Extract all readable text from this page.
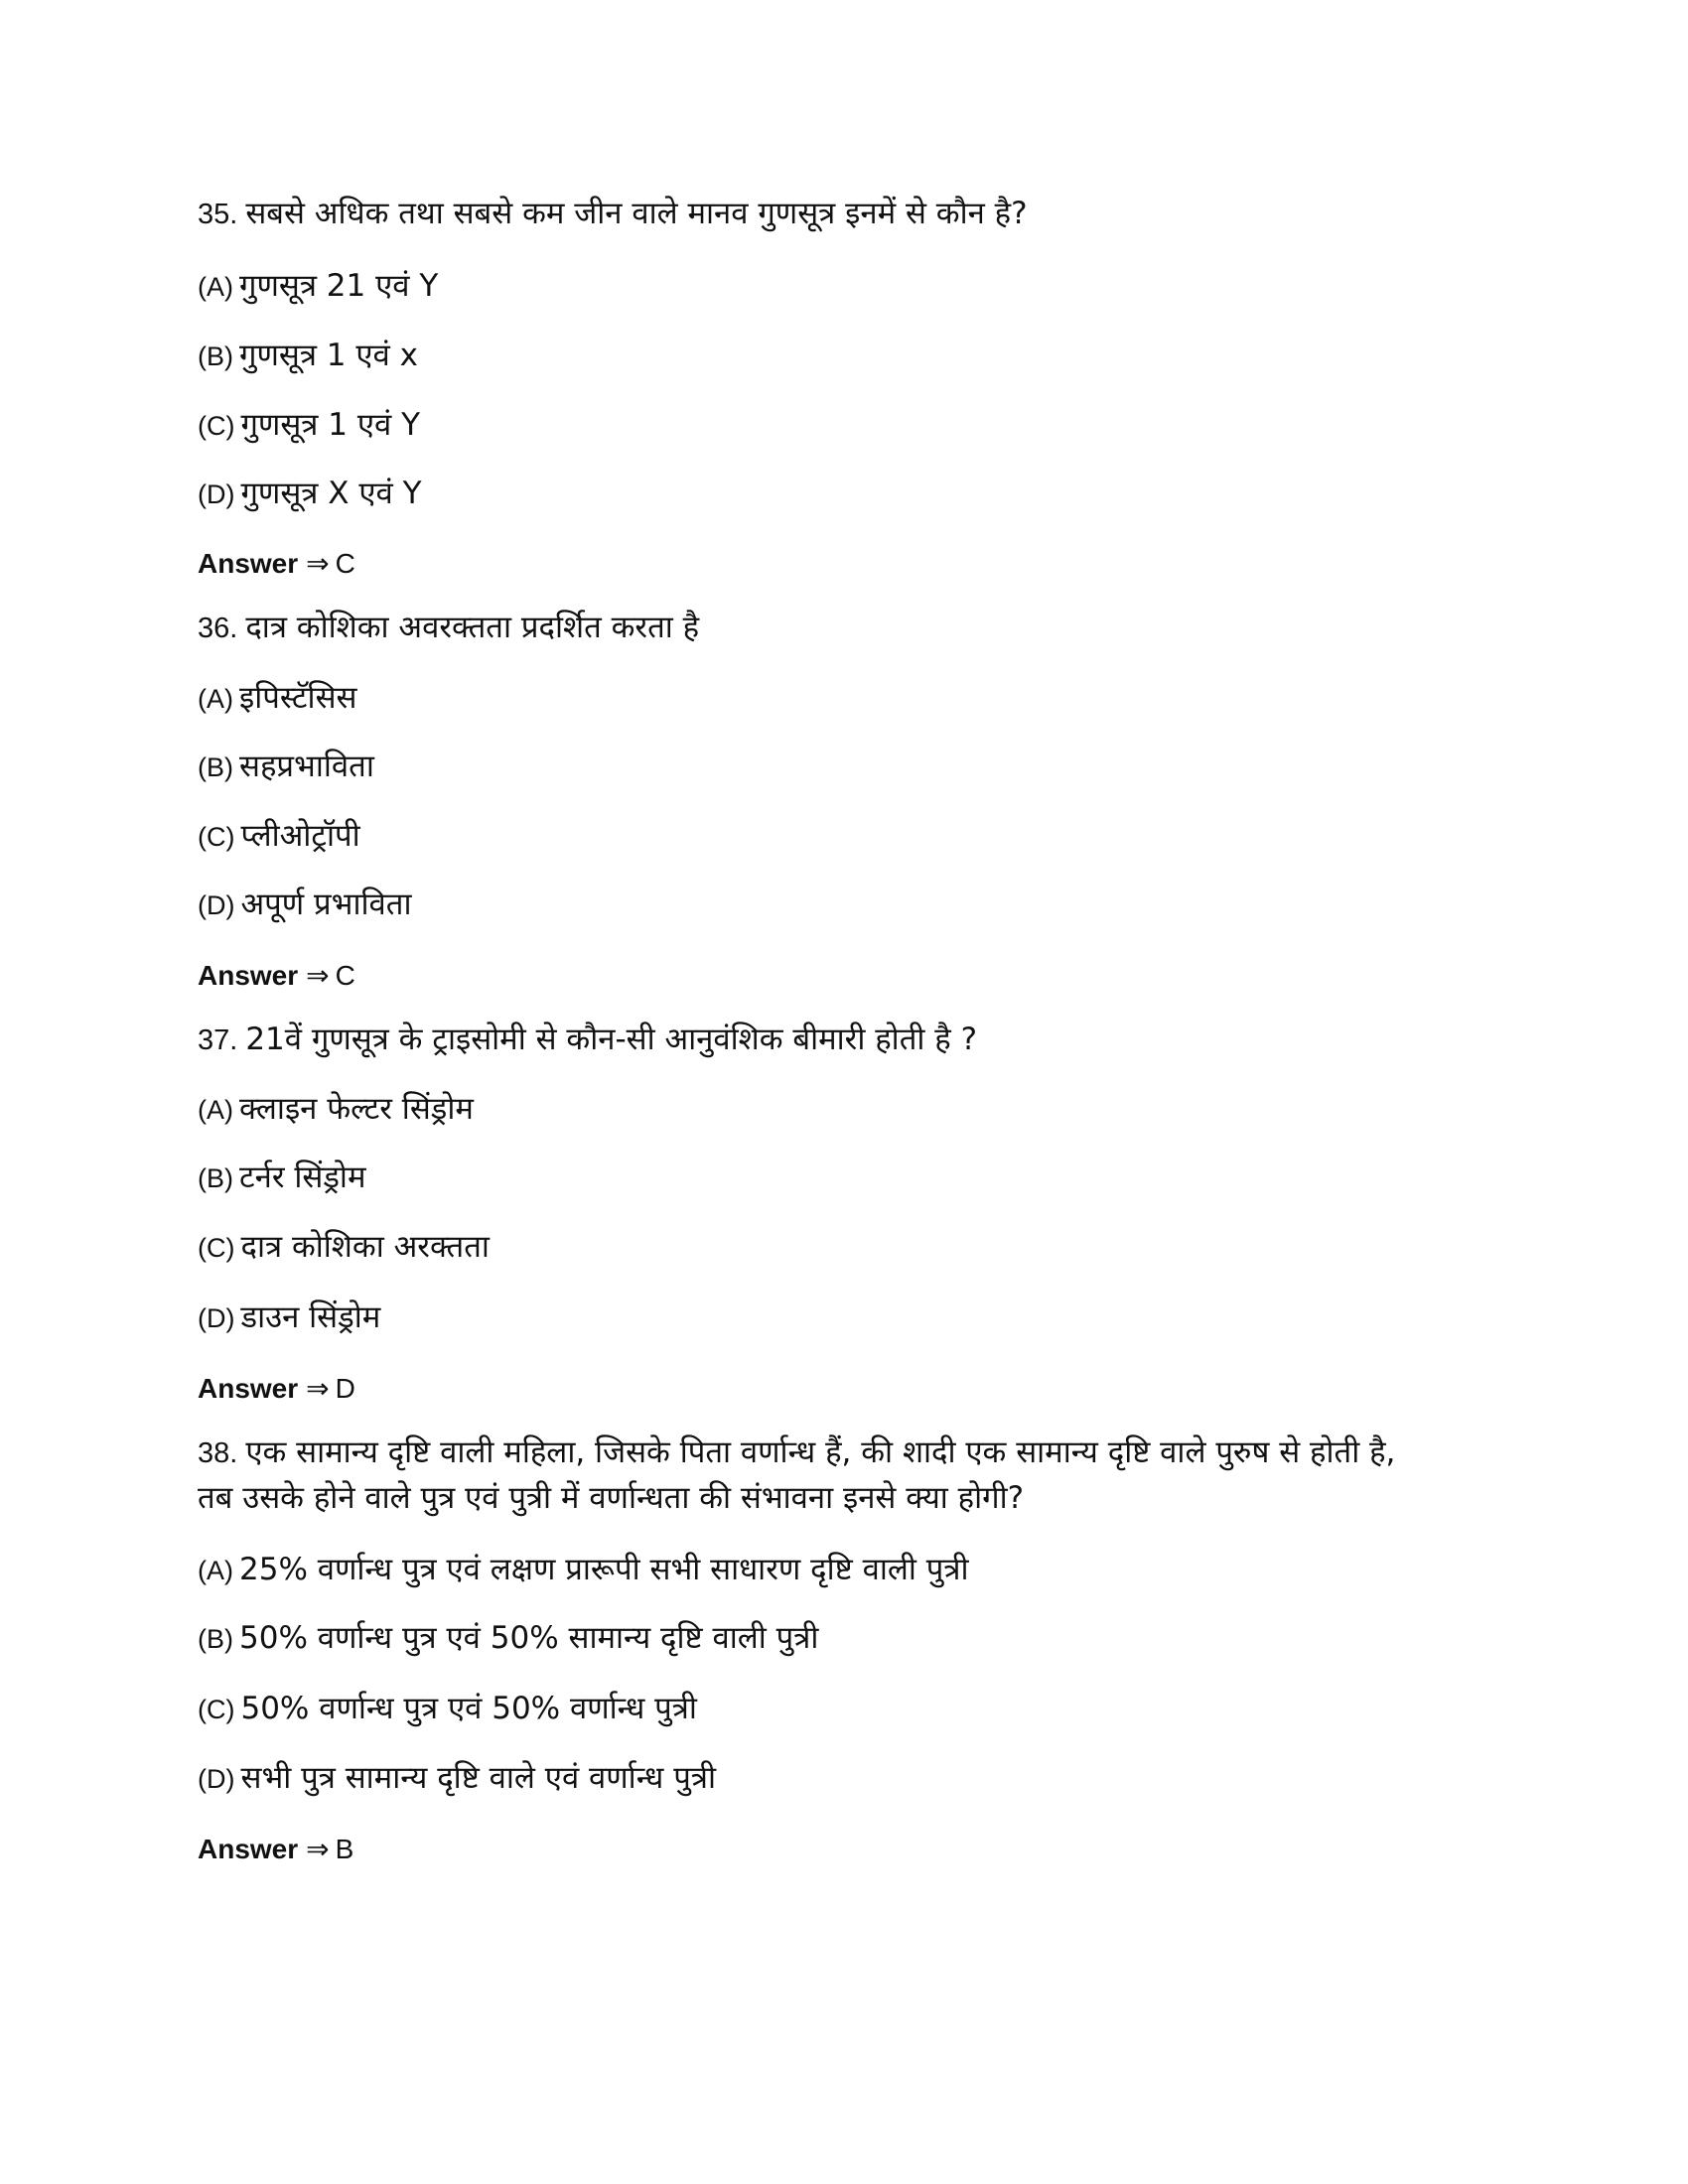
35. सबसे अधिक तथा सबसे कम जीन वाले मानव गुणसूत्र इनमें से कौन है?
(A) गुणसूत्र 21 एवं Y
(B) गुणसूत्र 1 एवं x
(C) गुणसूत्र 1 एवं Y
(D) गुणसूत्र X एवं Y
Answer ⇒ C
36. दात्र कोशिका अवरक्तता प्रदर्शित करता है
(A) इपिस्टॅसिस
(B) सहप्रभाविता
(C) प्लीओट्रॉपी
(D) अपूर्ण प्रभाविता
Answer ⇒ C
37. 21वें गुणसूत्र के ट्राइसोमी से कौन-सी आनुवंशिक बीमारी होती है ?
(A) क्लाइन फेल्टर सिंड्रोम
(B) टर्नर सिंड्रोम
(C) दात्र कोशिका अरक्तता
(D) डाउन सिंड्रोम
Answer ⇒ D
38. एक सामान्य दृष्टि वाली महिला, जिसके पिता वर्णान्ध हैं, की शादी एक सामान्य दृष्टि वाले पुरुष से होती है,
तब उसके होने वाले पुत्र एवं पुत्री में वर्णान्धता की संभावना इनसे क्या होगी?
(A) 25% वर्णान्ध पुत्र एवं लक्षण प्रारूपी सभी साधारण दृष्टि वाली पुत्री
(B) 50% वर्णान्ध पुत्र एवं 50% सामान्य दृष्टि वाली पुत्री
(C) 50% वर्णान्ध पुत्र एवं 50% वर्णान्ध पुत्री
(D) सभी पुत्र सामान्य दृष्टि वाले एवं वर्णान्ध पुत्री
Answer ⇒ B
